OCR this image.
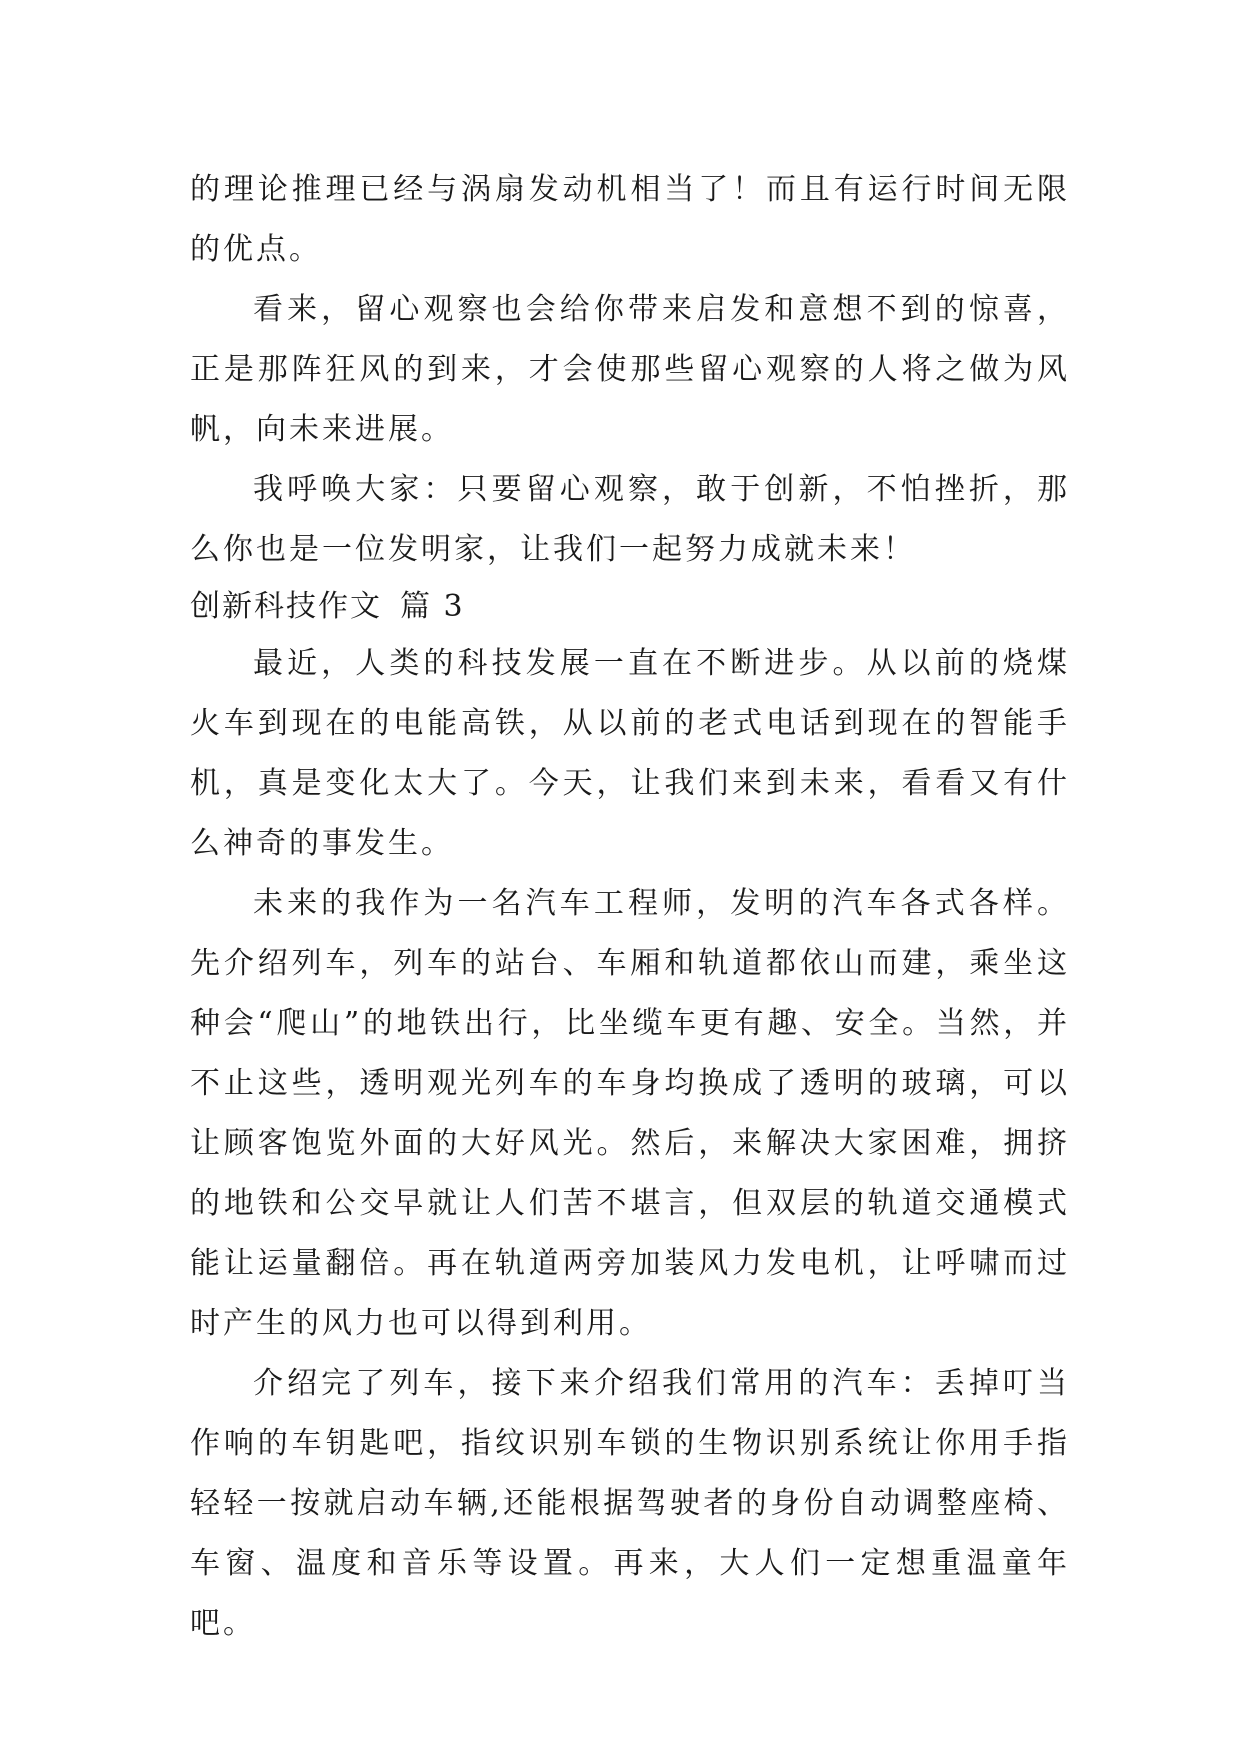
的理论推理已经与涡扇发动机相当了！而且有运行时间无限的优点。

看来，留心观察也会给你带来启发和意想不到的惊喜，正是那阵狂风的到来，才会使那些留心观察的人将之做为风帆，向未来进展。

我呼唤大家：只要留心观察，敢于创新，不怕挫折，那么你也是一位发明家，让我们一起努力成就未来！

创新科技作文 篇 3

最近，人类的科技发展一直在不断进步。从以前的烧煤火车到现在的电能高铁，从以前的老式电话到现在的智能手机，真是变化太大了。今天，让我们来到未来，看看又有什么神奇的事发生。

未来的我作为一名汽车工程师，发明的汽车各式各样。先介绍列车，列车的站台、车厢和轨道都依山而建，乘坐这种会“爬山”的地铁出行，比坐缆车更有趣、安全。当然，并不止这些，透明观光列车的车身均换成了透明的玻璃，可以让顾客饱览外面的大好风光。然后，来解决大家困难，拥挤的地铁和公交早就让人们苦不堪言，但双层的轨道交通模式能让运量翻倍。再在轨道两旁加装风力发电机，让呼啸而过时产生的风力也可以得到利用。

介绍完了列车，接下来介绍我们常用的汽车：丢掉叮当作响的车钥匙吧，指纹识别车锁的生物识别系统让你用手指轻轻一按就启动车辆,还能根据驾驶者的身份自动调整座椅、车窗、温度和音乐等设置。再来，大人们一定想重温童年吧。
